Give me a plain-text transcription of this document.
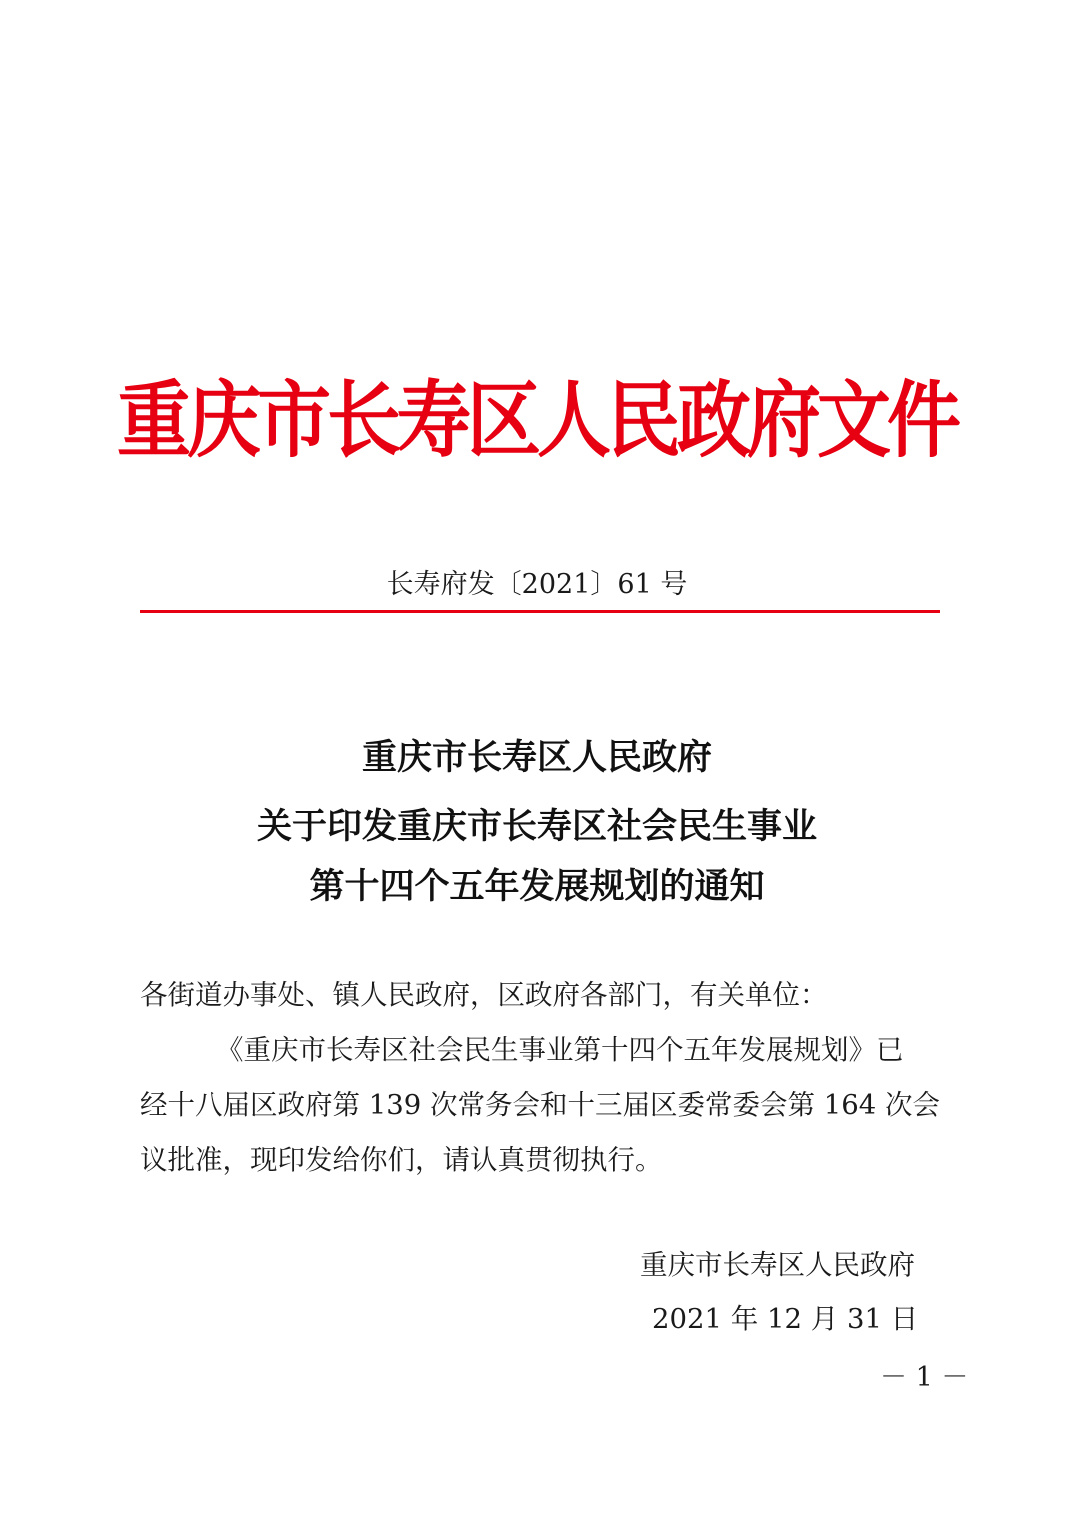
重庆市长寿区人民政府文件
长寿府发〔2021〕61 号
重庆市长寿区人民政府
关于印发重庆市长寿区社会民生事业
第十四个五年发展规划的通知
各街道办事处、镇人民政府，区政府各部门，有关单位：
《重庆市长寿区社会民生事业第十四个五年发展规划》已
经十八届区政府第 139 次常务会和十三届区委常委会第 164 次会
议批准，现印发给你们，请认真贯彻执行。
重庆市长寿区人民政府
2021 年 12 月 31 日
－ 1 －
